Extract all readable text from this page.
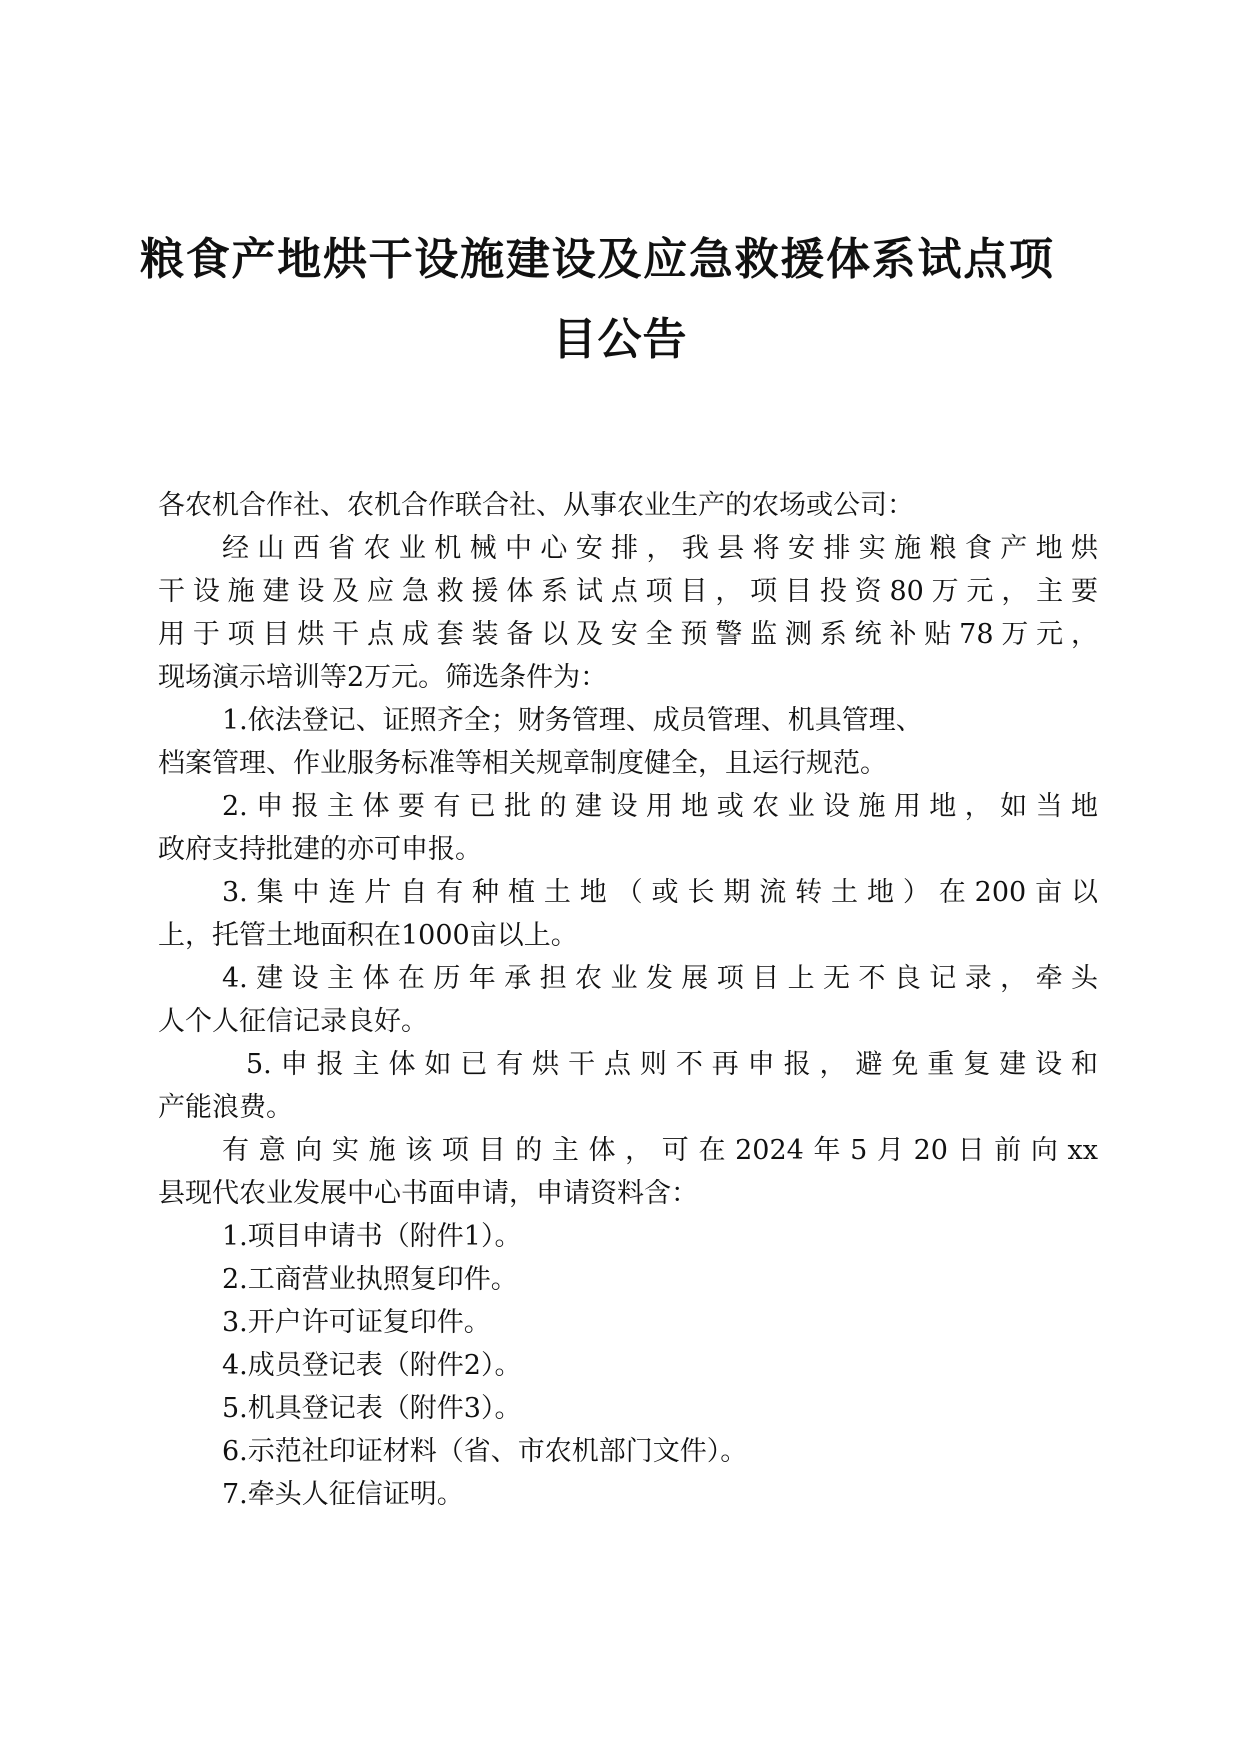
粮食产地烘干设施建设及应急救援体系试点项
目公告
各农机合作社、农机合作联合社、从事农业生产的农场或公司：
经山西省农业机械中心安排，我县将安排实施粮食产地烘
干设施建设及应急救援体系试点项目，项目投资80万元，主要
用于项目烘干点成套装备以及安全预警监测系统补贴78万元，
现场演示培训等2万元。筛选条件为：
1.依法登记、证照齐全；财务管理、成员管理、机具管理、
档案管理、作业服务标准等相关规章制度健全，且运行规范。
2.申报主体要有已批的建设用地或农业设施用地，如当地
政府支持批建的亦可申报。
3.集中连片自有种植土地（或长期流转土地）在200亩以
上，托管土地面积在1000亩以上。
4.建设主体在历年承担农业发展项目上无不良记录，牵头
人个人征信记录良好。
5.申报主体如已有烘干点则不再申报，避免重复建设和
产能浪费。
有意向实施该项目的主体，可在2024年5月20日前向xx
县现代农业发展中心书面申请，申请资料含：
1.项目申请书（附件1）。
2.工商营业执照复印件。
3.开户许可证复印件。
4.成员登记表（附件2）。
5.机具登记表（附件3）。
6.示范社印证材料（省、市农机部门文件）。
7.牵头人征信证明。
